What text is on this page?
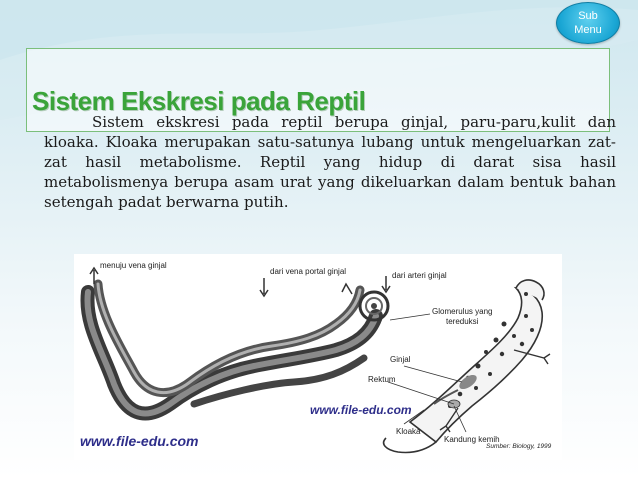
Sub
Menu
Sistem Ekskresi pada Reptil

Sistem ekskresi pada reptil berupa ginjal, paru-paru,kulit dan kloaka. Kloaka merupakan satu-satunya lubang untuk mengeluarkan zat-zat hasil metabolisme. Reptil yang hidup di darat sisa hasil metabolismenya berupa asam urat yang dikeluarkan dalam bentuk bahan setengah padat berwarna putih.

menuju vena ginjal
dari vena portal ginjal	dari arteri ginjal
Glomerulus yang
tereduksi
Ginjal
Rektum
Kloaka
Kandung kemih
www.file-edu.com
www.file-edu.com	Sumber: Biology, 1999
